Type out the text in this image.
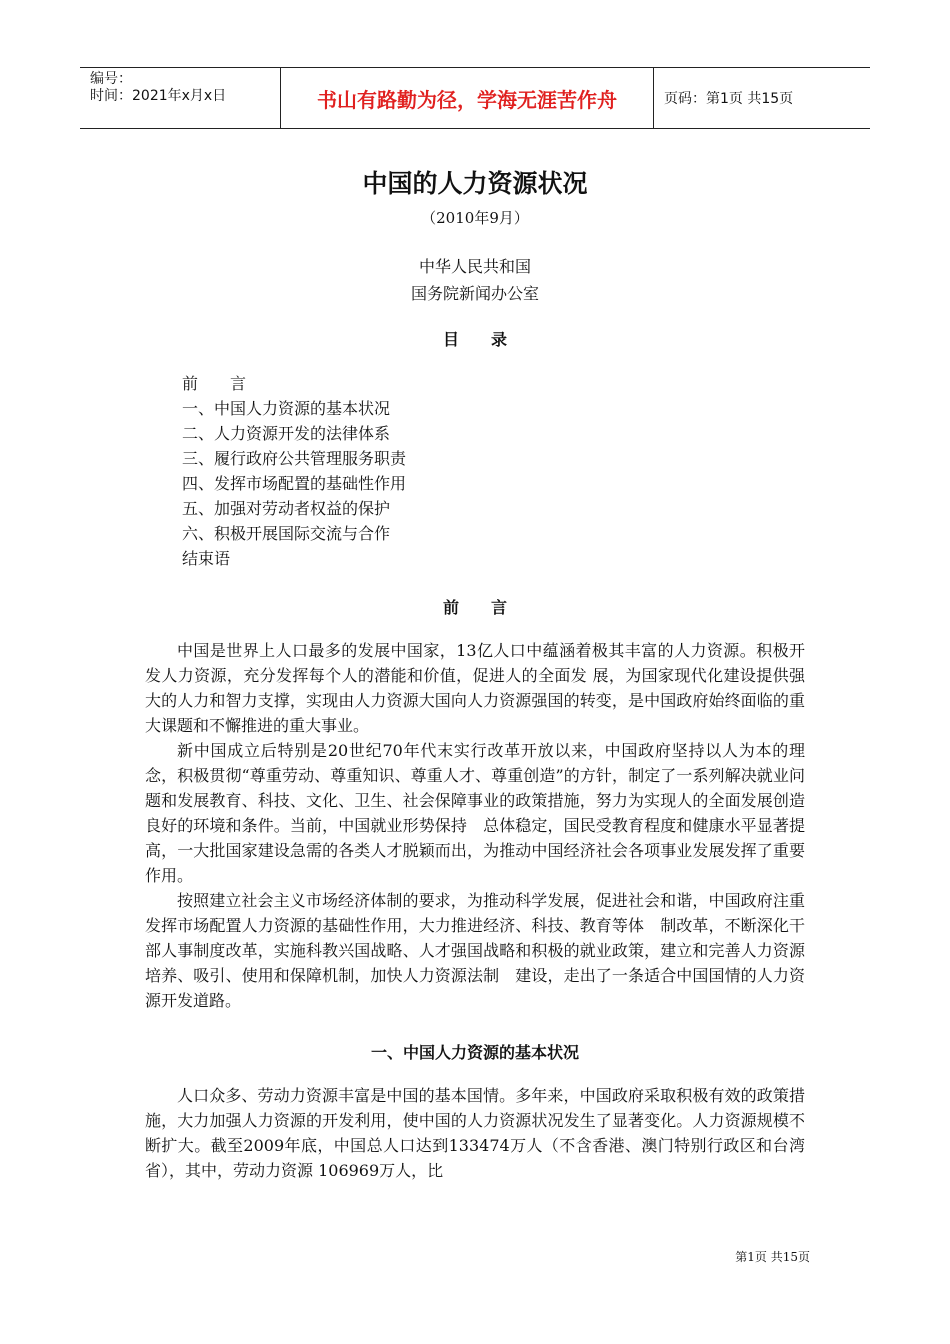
编号：
时间：2021年x月x日	书山有路勤为径，学海无涯苦作舟	页码：第1页 共15页
中国的人力资源状况
（2010年9月）
中华人民共和国
国务院新闻办公室
目　　录
前　　言
一、中国人力资源的基本状况
二、人力资源开发的法律体系
三、履行政府公共管理服务职责
四、发挥市场配置的基础性作用
五、加强对劳动者权益的保护
六、积极开展国际交流与合作
结束语
前　　言

中国是世界上人口最多的发展中国家，13亿人口中蕴涵着极其丰富的人力资源。积极开发人力资源，充分发挥每个人的潜能和价值，促进人的全面发 展，为国家现代化建设提供强大的人力和智力支撑，实现由人力资源大国向人力资源强国的转变，是中国政府始终面临的重大课题和不懈推进的重大事业。

新中国成立后特别是20世纪70年代末实行改革开放以来，中国政府坚持以人为本的理念，积极贯彻“尊重劳动、尊重知识、尊重人才、尊重创造”的方针，制定了一系列解决就业问题和发展教育、科技、文化、卫生、社会保障事业的政策措施，努力为实现人的全面发展创造良好的环境和条件。当前，中国就业形势保持　总体稳定，国民受教育程度和健康水平显著提高，一大批国家建设急需的各类人才脱颖而出，为推动中国经济社会各项事业发展发挥了重要作用。

按照建立社会主义市场经济体制的要求，为推动科学发展，促进社会和谐，中国政府注重发挥市场配置人力资源的基础性作用，大力推进经济、科技、教育等体　制改革，不断深化干部人事制度改革，实施科教兴国战略、人才强国战略和积极的就业政策，建立和完善人力资源培养、吸引、使用和保障机制，加快人力资源法制　建设，走出了一条适合中国国情的人力资源开发道路。

一、中国人力资源的基本状况

人口众多、劳动力资源丰富是中国的基本国情。多年来，中国政府采取积极有效的政策措施，大力加强人力资源的开发利用，使中国的人力资源状况发生了显著变化。人力资源规模不断扩大。截至2009年底，中国总人口达到133474万人（不含香港、澳门特别行政区和台湾省），其中，劳动力资源 106969万人，比

第1页 共15页
